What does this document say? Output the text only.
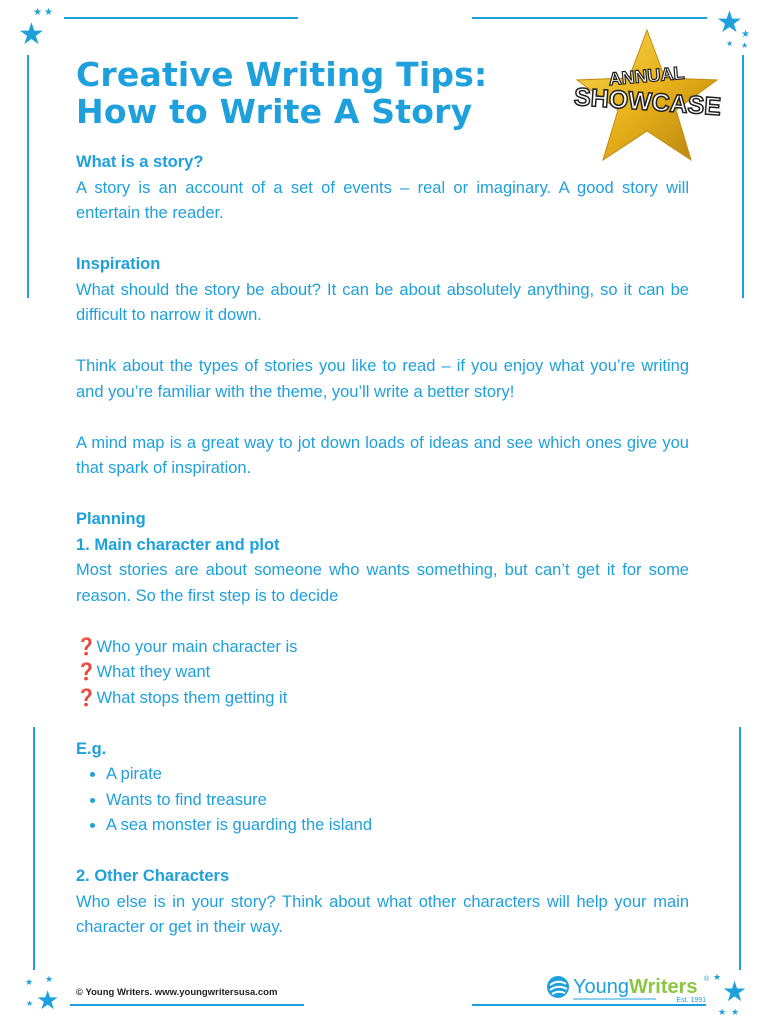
★
★ ★	★
★
★
★
★
★ ★
★	★
★
★ ★
Creative Writing Tips:
How to Write A Story
ANNUAL
SHOWCASE
What is a story?

A story is an account of a set of events – real or imaginary. A good story will entertain the reader.

Inspiration

What should the story be about? It can be about absolutely anything, so it can be difficult to narrow it down.

Think about the types of stories you like to read – if you enjoy what you’re writing and you’re familiar with the theme, you’ll write a better story!

A mind map is a great way to jot down loads of ideas and see which ones give you that spark of inspiration.

Planning
1. Main character and plot

Most stories are about someone who wants something, but can’t get it for some reason. So the first step is to decide

❓Who your main character is
❓What they want
❓What stops them getting it
E.g.
• A pirate
• Wants to find treasure
• A sea monster is guarding the island
2. Other Characters

Who else is in your story? Think about what other characters will help your main character or get in their way.

© Young Writers. www.youngwritersusa.com	YoungWriters ®
Est. 1991
